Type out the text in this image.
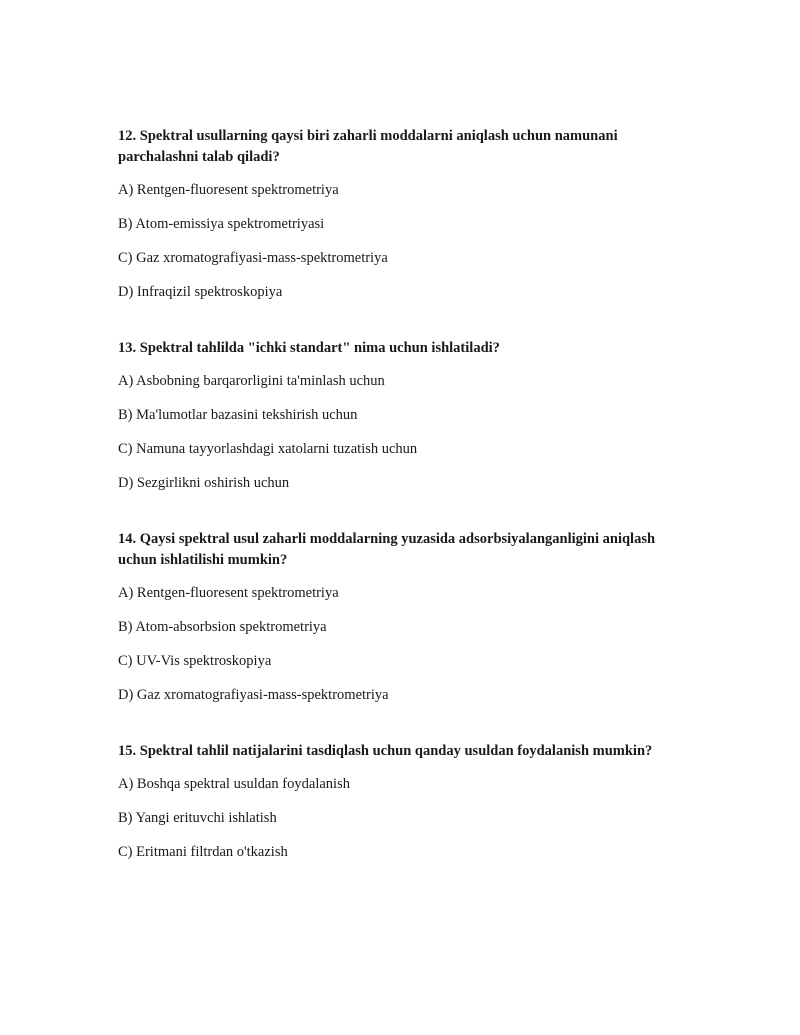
12. Spektral usullarning qaysi biri zaharli moddalarni aniqlash uchun namunani parchalashni talab qiladi?
A) Rentgen-fluoresent spektrometriya
B) Atom-emissiya spektrometriyasi
C) Gaz xromatografiyasi-mass-spektrometriya
D) Infraqizil spektroskopiya
13. Spektral tahlilda "ichki standart" nima uchun ishlatiladi?
A) Asbobning barqarorligini ta'minlash uchun
B) Ma'lumotlar bazasini tekshirish uchun
C) Namuna tayyorlashdagi xatolarni tuzatish uchun
D) Sezgirlikni oshirish uchun
14. Qaysi spektral usul zaharli moddalarning yuzasida adsorbsiyalanganligini aniqlash uchun ishlatilishi mumkin?
A) Rentgen-fluoresent spektrometriya
B) Atom-absorbsion spektrometriya
C) UV-Vis spektroskopiya
D) Gaz xromatografiyasi-mass-spektrometriya
15. Spektral tahlil natijalarini tasdiqlash uchun qanday usuldan foydalanish mumkin?
A) Boshqa spektral usuldan foydalanish
B) Yangi erituvchi ishlatish
C) Eritmani filtrdan o'tkazish
